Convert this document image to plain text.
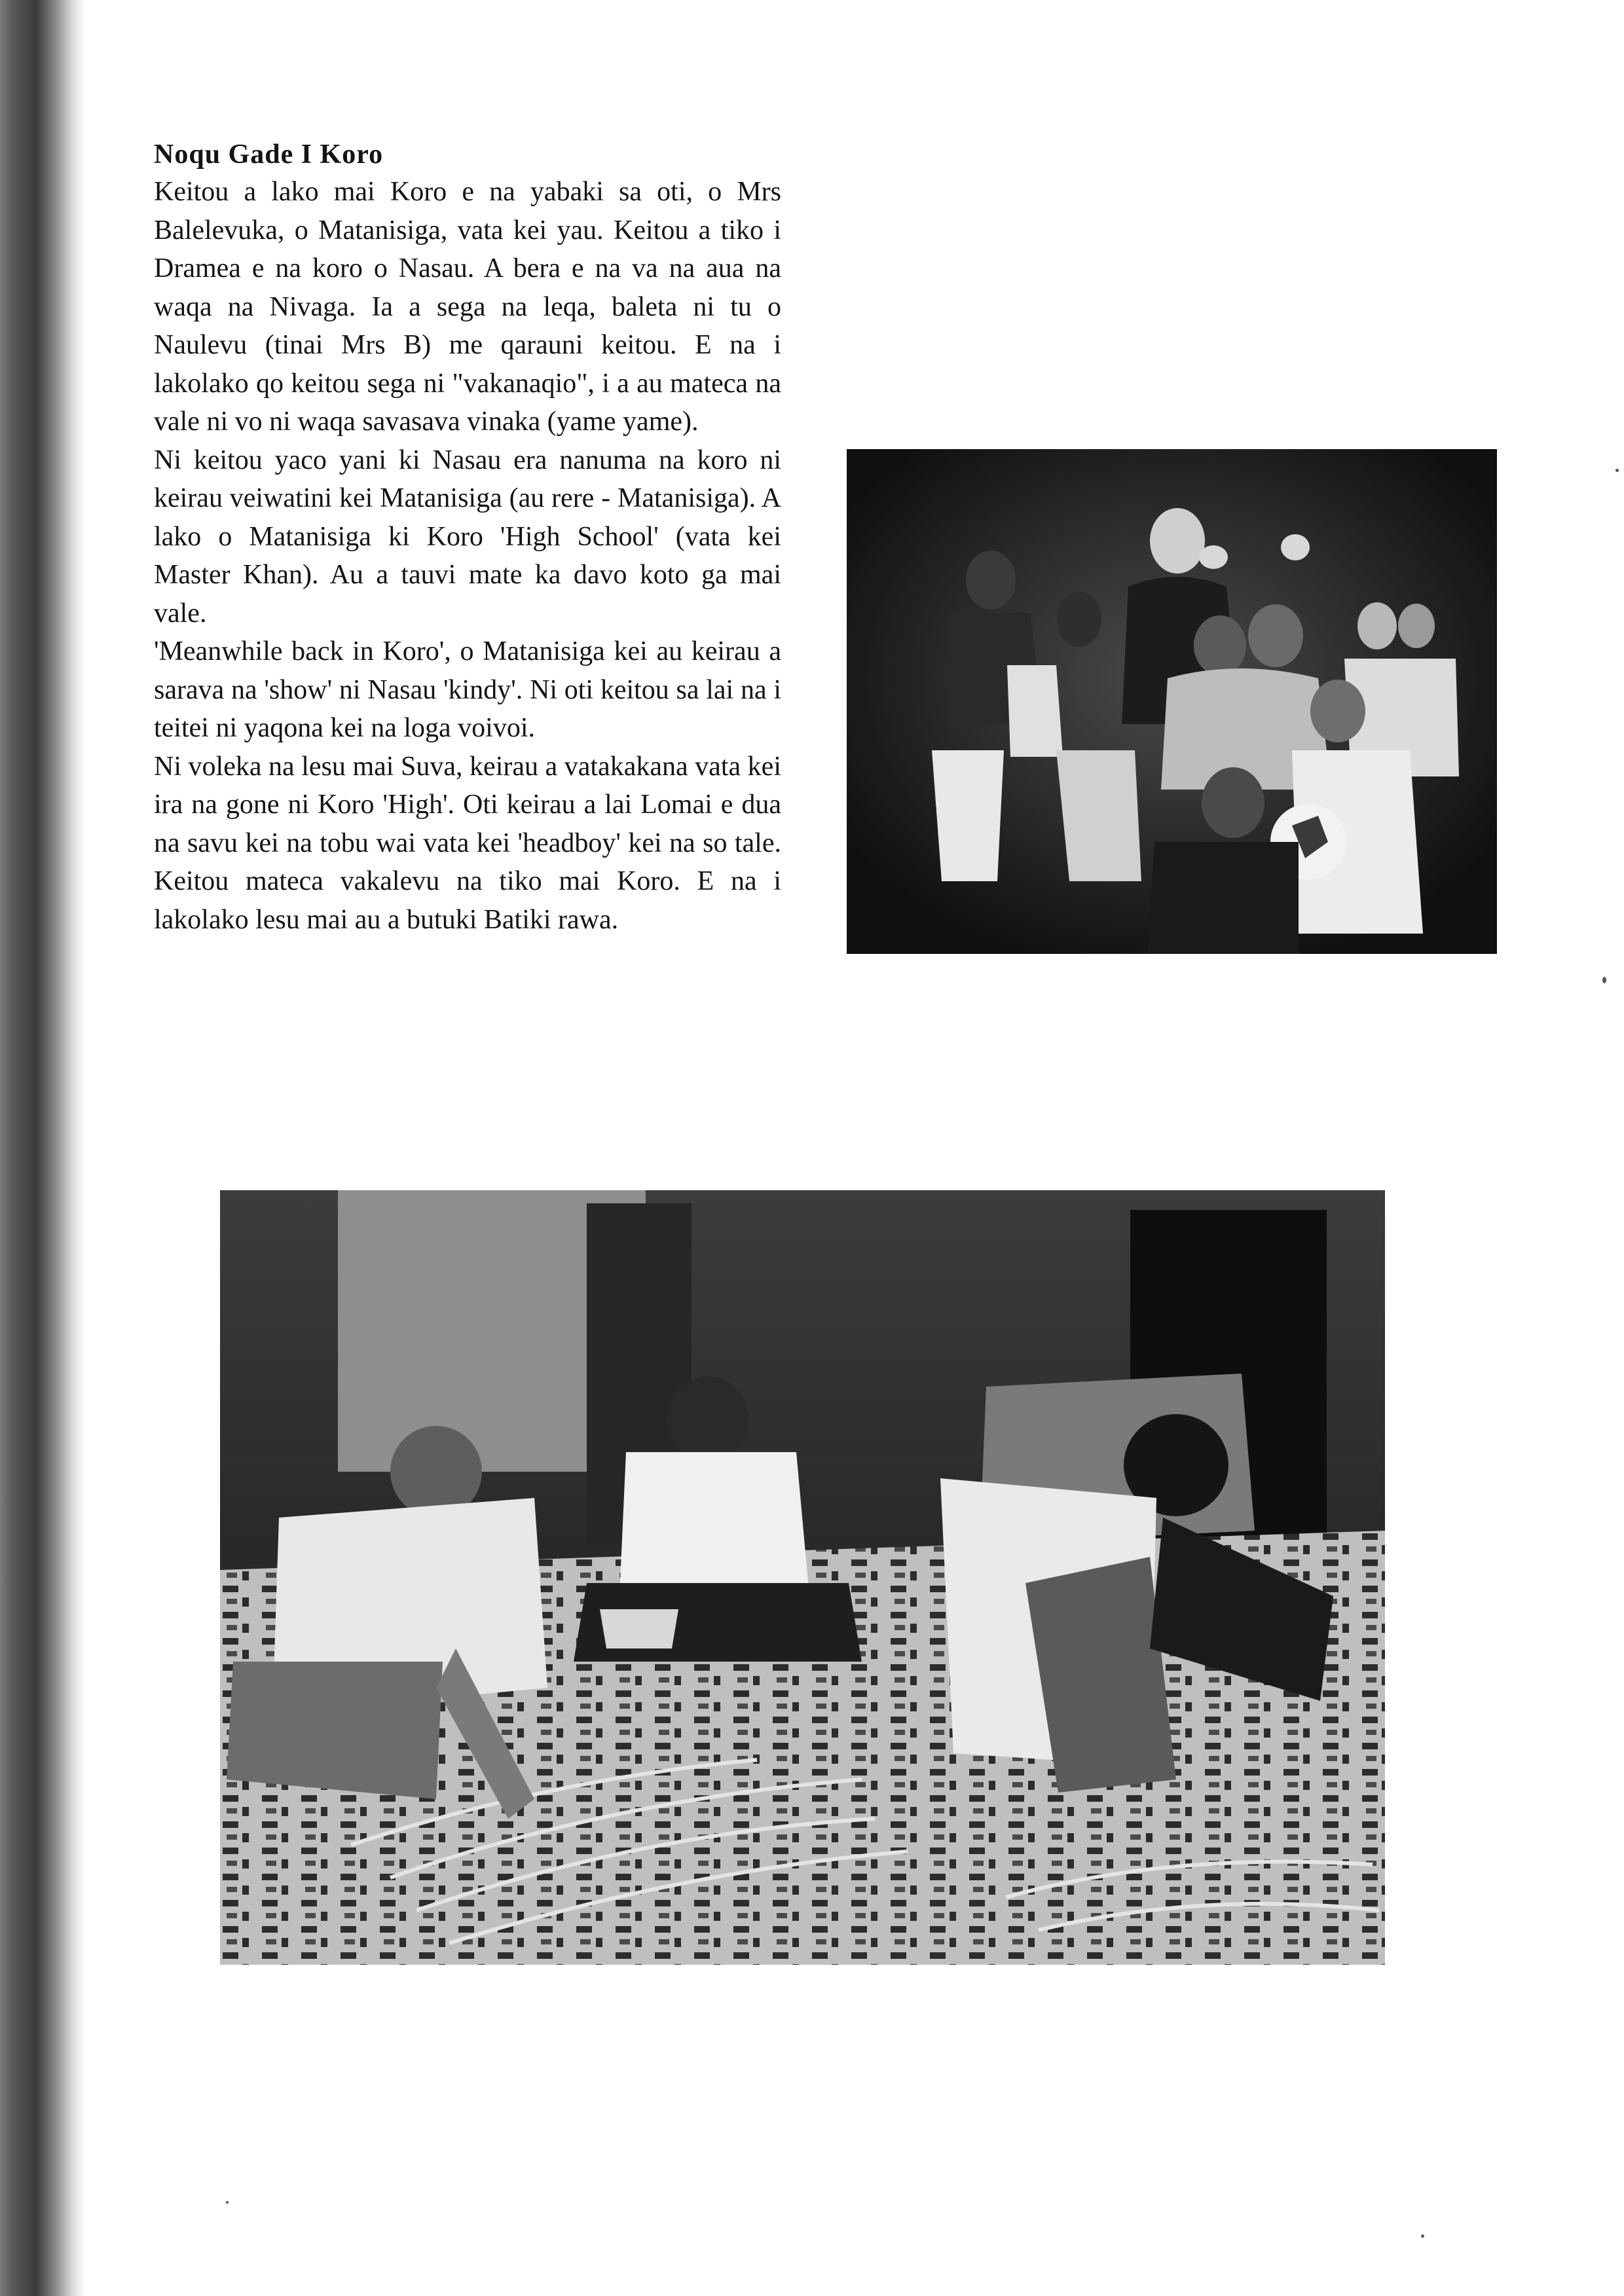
Noqu Gade I Koro

Keitou a lako mai Koro e na yabaki sa oti, o Mrs Balelevuka, o Matanisiga, vata kei yau. Keitou a tiko i Dramea e na koro o Nasau. A bera e na va na aua na waqa na Nivaga. Ia a sega na leqa, baleta ni tu o Naulevu (tinai Mrs B) me qarauni keitou. E na i lakolako qo keitou sega ni "vakanaqio", i a au mateca na vale ni vo ni waqa savasava vinaka (yame yame).

Ni keitou yaco yani ki Nasau era nanuma na koro ni keirau veiwatini kei Matanisiga (au rere - Matanisiga). A lako o Matanisiga ki Koro 'High School' (vata kei Master Khan). Au a tauvi mate ka davo koto ga mai vale.

'Meanwhile back in Koro', o Matanisiga kei au keirau a sarava na 'show' ni Nasau 'kindy'. Ni oti keitou sa lai na i teitei ni yaqona kei na loga voivoi.

Ni voleka na lesu mai Suva, keirau a vatakakana vata kei ira na gone ni Koro 'High'. Oti keirau a lai Lomai e dua na savu kei na tobu wai vata kei 'headboy' kei na so tale. Keitou mateca vakalevu na tiko mai Koro. E na i lakolako lesu mai au a butuki Batiki rawa.
